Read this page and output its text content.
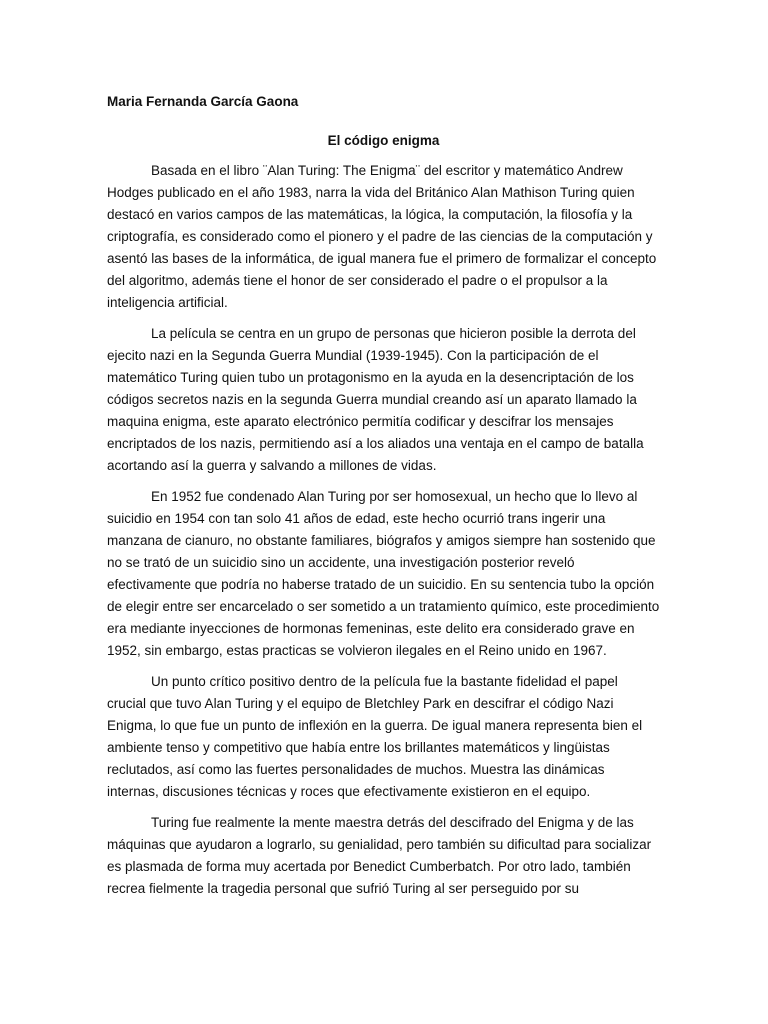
Maria Fernanda García Gaona

El código enigma

Basada en el libro ¨Alan Turing: The Enigma¨ del escritor y matemático Andrew Hodges publicado en el año 1983, narra la vida del Británico Alan Mathison Turing quien destacó en varios campos de las matemáticas, la lógica, la computación, la filosofía y la criptografía, es considerado como el pionero y el padre de las ciencias de la computación y asentó las bases de la informática, de igual manera fue el primero de formalizar el concepto del algoritmo, además tiene el honor de ser considerado el padre o el propulsor a la inteligencia artificial.

La película se centra en un grupo de personas que hicieron posible la derrota del ejecito nazi en la Segunda Guerra Mundial (1939-1945). Con la participación de el matemático Turing quien tubo un protagonismo en la ayuda en la desencriptación de los códigos secretos nazis en la segunda Guerra mundial creando así un aparato llamado la maquina enigma, este aparato electrónico permitía codificar y descifrar los mensajes encriptados de los nazis, permitiendo así a los aliados una ventaja en el campo de batalla acortando así la guerra y salvando a millones de vidas.

En 1952 fue condenado Alan Turing por ser homosexual, un hecho que lo llevo al suicidio en 1954 con tan solo 41 años de edad, este hecho ocurrió trans ingerir una manzana de cianuro, no obstante familiares, biógrafos y amigos siempre han sostenido que no se trató de un suicidio sino un accidente, una investigación posterior reveló efectivamente que podría no haberse tratado de un suicidio. En su sentencia tubo la opción de elegir entre ser encarcelado o ser sometido a un tratamiento químico, este procedimiento era mediante inyecciones de hormonas femeninas, este delito era considerado grave en 1952, sin embargo, estas practicas se volvieron ilegales en el Reino unido en 1967.

Un punto crítico positivo dentro de la película fue la bastante fidelidad el papel crucial que tuvo Alan Turing y el equipo de Bletchley Park en descifrar el código Nazi Enigma, lo que fue un punto de inflexión en la guerra. De igual manera representa bien el ambiente tenso y competitivo que había entre los brillantes matemáticos y lingüistas reclutados, así como las fuertes personalidades de muchos. Muestra las dinámicas internas, discusiones técnicas y roces que efectivamente existieron en el equipo.

Turing fue realmente la mente maestra detrás del descifrado del Enigma y de las máquinas que ayudaron a lograrlo, su genialidad, pero también su dificultad para socializar es plasmada de forma muy acertada por Benedict Cumberbatch. Por otro lado, también recrea fielmente la tragedia personal que sufrió Turing al ser perseguido por su
